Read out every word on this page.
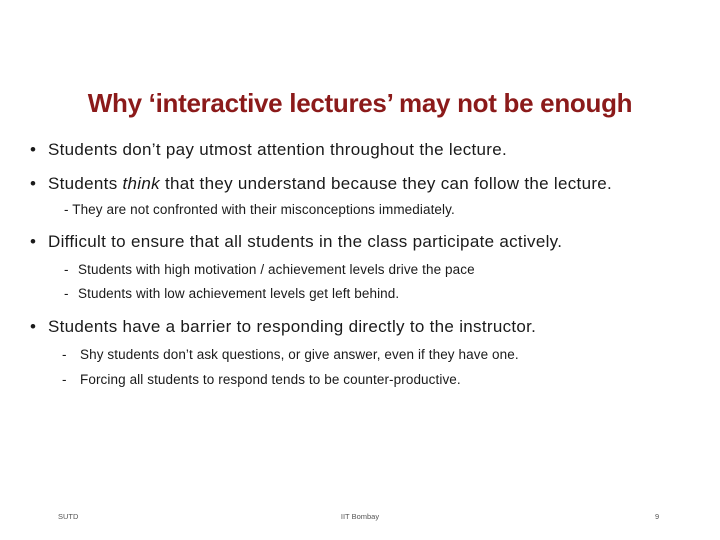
Why ‘interactive lectures’ may not be enough
• Students don’t pay utmost attention throughout the lecture.
• Students think that they understand because they can follow the lecture.
- They are not confronted with their misconceptions immediately.
• Difficult to ensure that all students in the class participate actively.
- Students with high motivation / achievement levels drive the pace
- Students with low achievement levels get left behind.
• Students have a barrier to responding directly to the instructor.
- Shy students don’t ask questions, or give answer, even if they have one.
- Forcing all students to respond tends to be counter-productive.
SUTD	IIT Bombay	9
